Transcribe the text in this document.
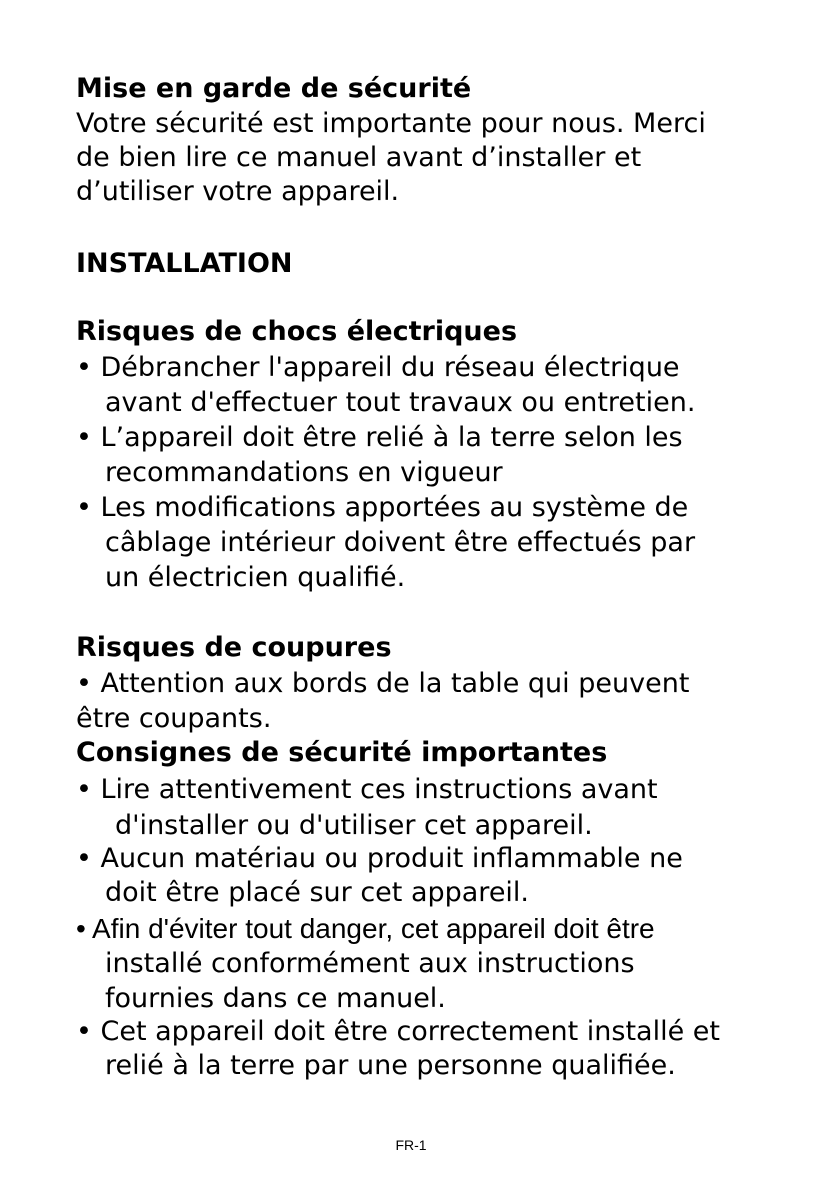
Mise en garde de sécurité
Votre sécurité est importante pour nous. Merci
de bien lire ce manuel avant d’installer et
d’utiliser votre appareil.
INSTALLATION
Risques de chocs électriques
• Débrancher l'appareil du réseau électrique
avant d'effectuer tout travaux ou entretien.
• L’appareil doit être relié à la terre selon les
recommandations en vigueur
• Les modifications apportées au système de
câblage intérieur doivent être effectués par
un électricien qualifié.
Risques de coupures
• Attention aux bords de la table qui peuvent
être coupants.
Consignes de sécurité importantes
• Lire attentivement ces instructions avant
d'installer ou d'utiliser cet appareil.
• Aucun matériau ou produit inflammable ne
doit être placé sur cet appareil.
• Afin d'éviter tout danger, cet appareil doit être
installé conformément aux instructions
fournies dans ce manuel.
• Cet appareil doit être correctement installé et
relié à la terre par une personne qualifiée.
FR-1
